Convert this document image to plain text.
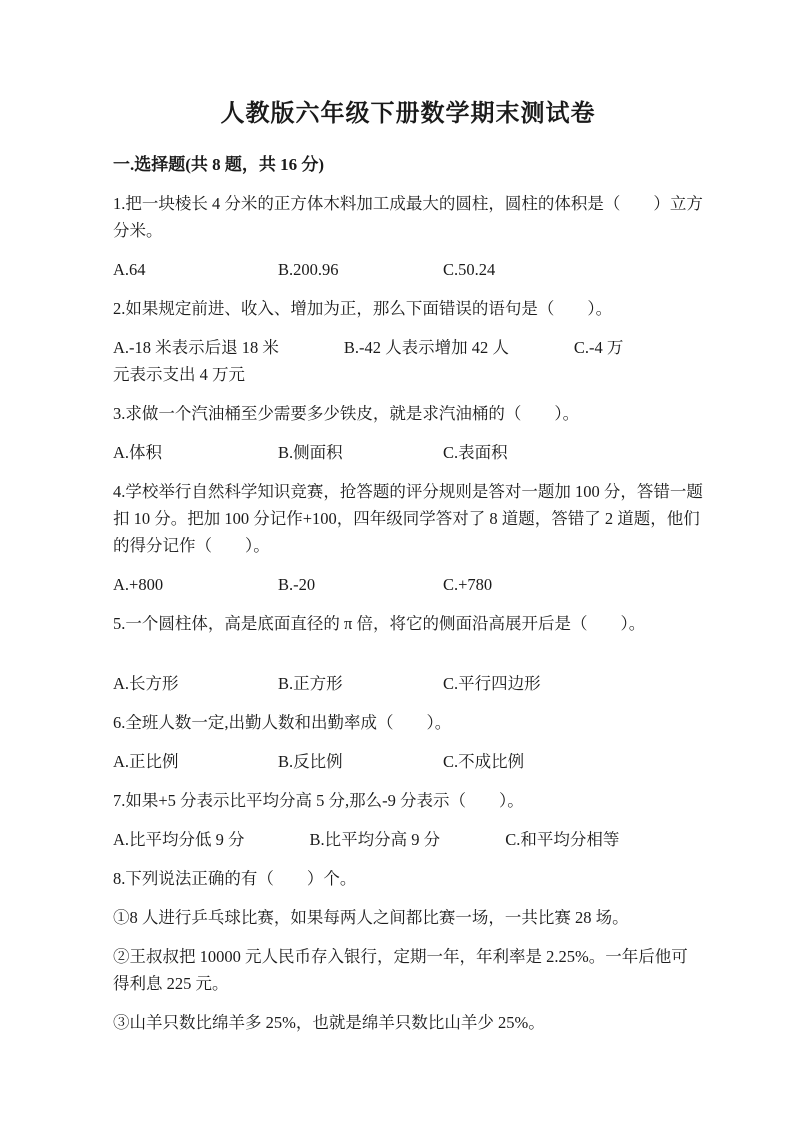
人教版六年级下册数学期末测试卷
一.选择题(共 8 题，共 16 分)

1.把一块棱长 4 分米的正方体木料加工成最大的圆柱，圆柱的体积是（　　）立方分米。

A.64	B.200.96	C.50.24

2.如果规定前进、收入、增加为正，那么下面错误的语句是（　　）。

A.-18 米表示后退 18 米	B.-42 人表示增加 42 人	C.-4 万
元表示支出 4 万元

3.求做一个汽油桶至少需要多少铁皮，就是求汽油桶的（　　）。

A.体积	B.侧面积	C.表面积

4.学校举行自然科学知识竞赛，抢答题的评分规则是答对一题加 100 分，答错一题扣 10 分。把加 100 分记作+100，四年级同学答对了 8 道题，答错了 2 道题，他们的得分记作（　　）。

A.+800	B.-20	C.+780

5.一个圆柱体，高是底面直径的 π 倍，将它的侧面沿高展开后是（　　）。

A.长方形	B.正方形	C.平行四边形

6.全班人数一定,出勤人数和出勤率成（　　）。

A.正比例	B.反比例	C.不成比例

7.如果+5 分表示比平均分高 5 分,那么-9 分表示（　　）。

A.比平均分低 9 分	B.比平均分高 9 分	C.和平均分相等

8.下列说法正确的有（　　）个。

①8 人进行乒乓球比赛，如果每两人之间都比赛一场，一共比赛 28 场。

②王叔叔把 10000 元人民币存入银行，定期一年，年利率是 2.25%。一年后他可得利息 225 元。

③山羊只数比绵羊多 25%，也就是绵羊只数比山羊少 25%。
